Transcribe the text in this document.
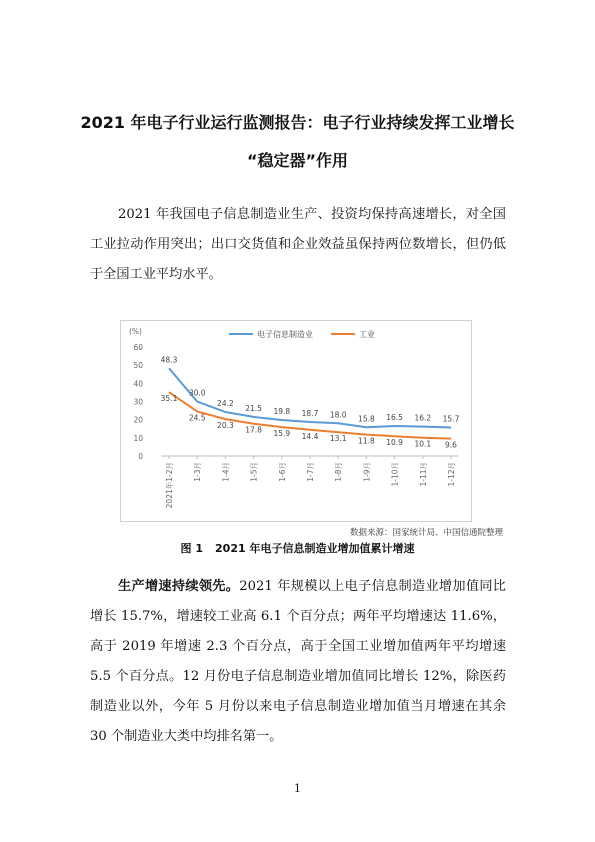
2021 年电子行业运行监测报告：电子行业持续发挥工业增长
“稳定器”作用
2021 年我国电子信息制造业生产、投资均保持高速增长，对全国工业拉动作用突出；出口交货值和企业效益虽保持两位数增长，但仍低于全国工业平均水平。
(%)
0
10
20
30
40
50
60
2021年1-2月	1-3月	1-4月	1-5月	1-6月	1-7月	1-8月	1-9月	1-10月	1-11月	1-12月
48.3
30.0
24.2
21.5 19.8 18.7 18.0 15.8 16.5 16.2 15.7
35.1
24.5
20.3
17.8 15.9 14.4 13.1 11.8 10.9 10.1 9.6
电子信息制造业	工业
数据来源：国家统计局、中国信通院整理
图 1 2021 年电子信息制造业增加值累计增速
生产增速持续领先。2021 年规模以上电子信息制造业增加值同比增长 15.7%，增速较工业高 6.1 个百分点；两年平均增速达 11.6%，高于 2019 年增速 2.3 个百分点，高于全国工业增加值两年平均增速 5.5 个百分点。12 月份电子信息制造业增加值同比增长 12%，除医药制造业以外，今年 5 月份以来电子信息制造业增加值当月增速在其余 30 个制造业大类中均排名第一。
1
